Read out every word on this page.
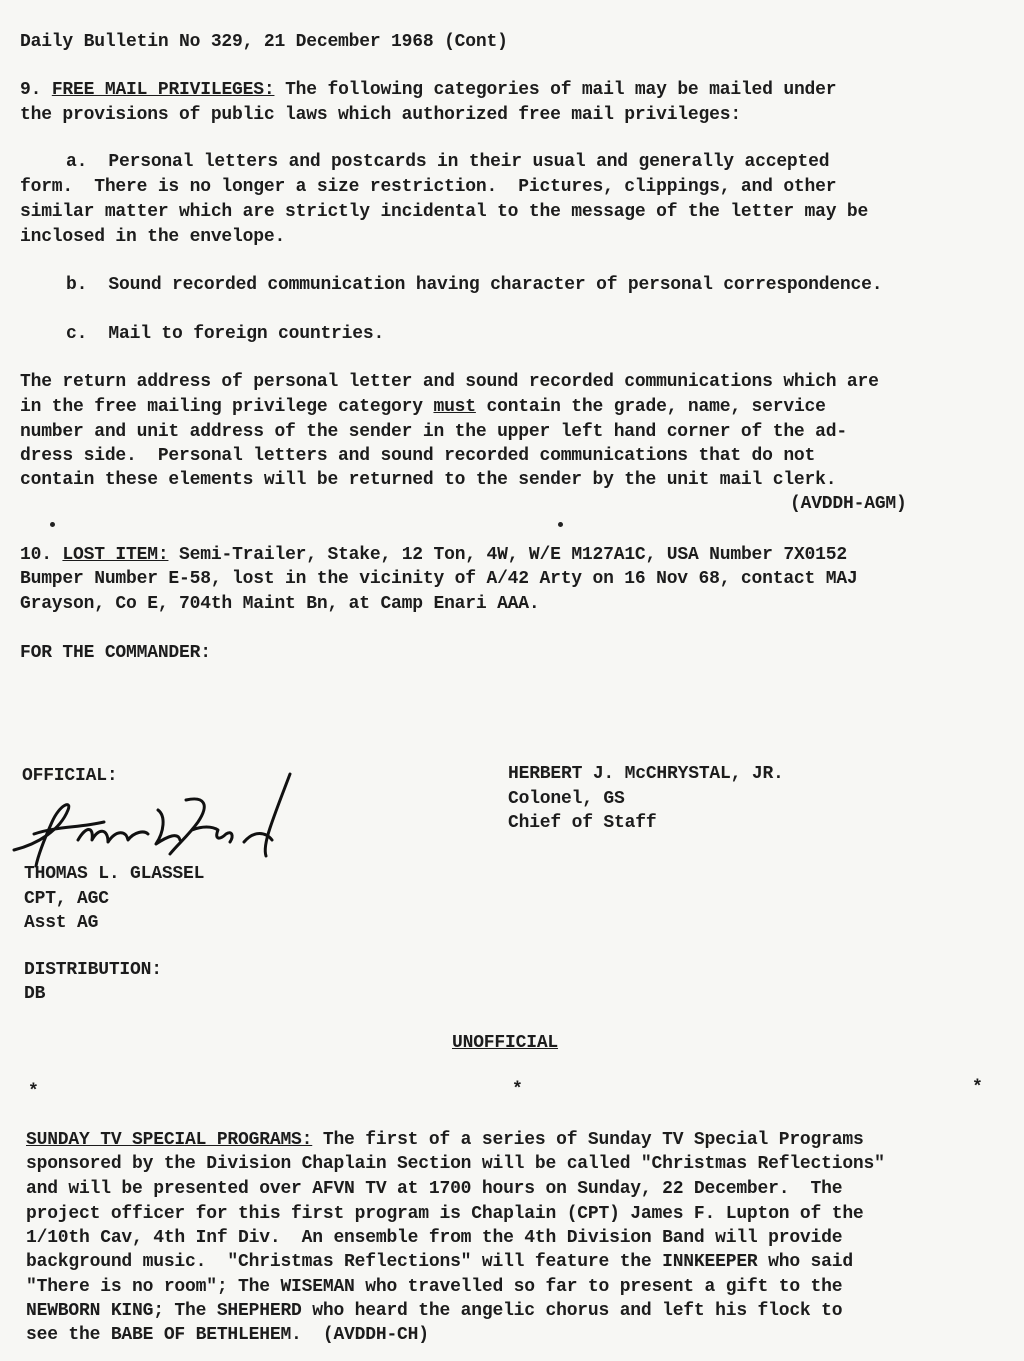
Daily Bulletin No 329, 21 December 1968 (Cont)
9. FREE MAIL PRIVILEGES: The following categories of mail may be mailed under
the provisions of public laws which authorized free mail privileges:
a.  Personal letters and postcards in their usual and generally accepted
form.  There is no longer a size restriction.  Pictures, clippings, and other
similar matter which are strictly incidental to the message of the letter may be
inclosed in the envelope.
b.  Sound recorded communication having character of personal correspondence.
c.  Mail to foreign countries.
The return address of personal letter and sound recorded communications which are
in the free mailing privilege category must contain the grade, name, service
number and unit address of the sender in the upper left hand corner of the ad-
dress side.  Personal letters and sound recorded communications that do not
contain these elements will be returned to the sender by the unit mail clerk.
(AVDDH-AGM)
10. LOST ITEM: Semi-Trailer, Stake, 12 Ton, 4W, W/E M127A1C, USA Number 7X0152
Bumper Number E-58, lost in the vicinity of A/42 Arty on 16 Nov 68, contact MAJ
Grayson, Co E, 704th Maint Bn, at Camp Enari AAA.
FOR THE COMMANDER:
HERBERT J. McCHRYSTAL, JR.
Colonel, GS
Chief of Staff
OFFICIAL:
THOMAS L. GLASSEL
CPT, AGC
Asst AG
DISTRIBUTION:
DB
UNOFFICIAL
*	*	*
SUNDAY TV SPECIAL PROGRAMS: The first of a series of Sunday TV Special Programs
sponsored by the Division Chaplain Section will be called "Christmas Reflections"
and will be presented over AFVN TV at 1700 hours on Sunday, 22 December.  The
project officer for this first program is Chaplain (CPT) James F. Lupton of the
1/10th Cav, 4th Inf Div.  An ensemble from the 4th Division Band will provide
background music.  "Christmas Reflections" will feature the INNKEEPER who said
"There is no room"; The WISEMAN who travelled so far to present a gift to the
NEWBORN KING; The SHEPHERD who heard the angelic chorus and left his flock to
see the BABE OF BETHLEHEM.  (AVDDH-CH)
